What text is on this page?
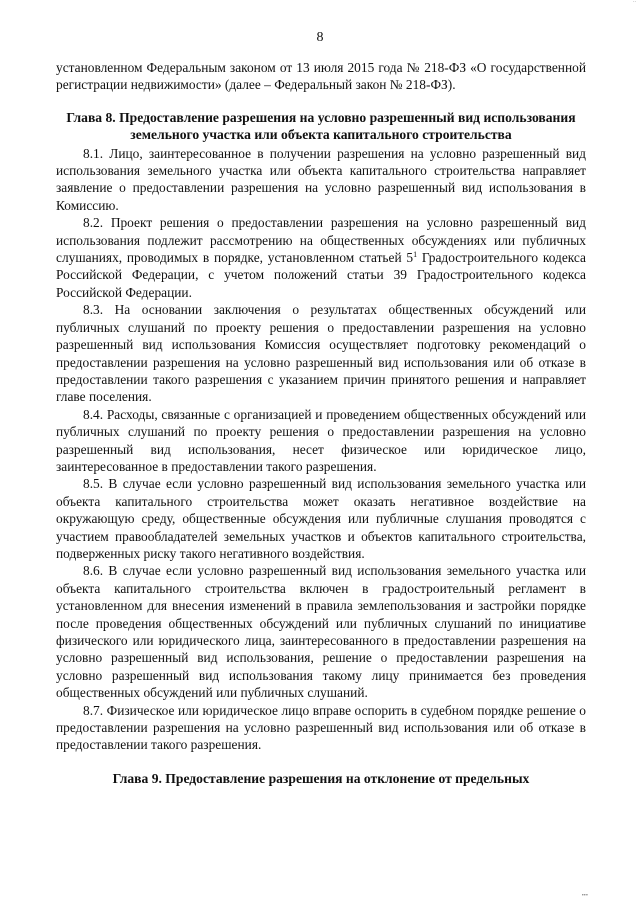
..
8

установленном Федеральным законом от 13 июля 2015 года № 218-ФЗ «О государственной регистрации недвижимости» (далее – Федеральный закон № 218-ФЗ).

Глава 8. Предоставление разрешения на условно разрешенный вид использования земельного участка или объекта капитального строительства

8.1. Лицо, заинтересованное в получении разрешения на условно разрешенный вид использования земельного участка или объекта капитального строительства направляет заявление о предоставлении разрешения на условно разрешенный вид использования в Комиссию.

8.2. Проект решения о предоставлении разрешения на условно разрешенный вид использования подлежит рассмотрению на общественных обсуждениях или публичных слушаниях, проводимых в порядке, установленном статьей $5^1$ Градостроительного кодекса Российской Федерации, с учетом положений статьи 39 Градостроительного кодекса Российской Федерации.

8.3. На основании заключения о результатах общественных обсуждений или публичных слушаний по проекту решения о предоставлении разрешения на условно разрешенный вид использования Комиссия осуществляет подготовку рекомендаций о предоставлении разрешения на условно разрешенный вид использования или об отказе в предоставлении такого разрешения с указанием причин принятого решения и направляет главе поселения.

8.4. Расходы, связанные с организацией и проведением общественных обсуждений или публичных слушаний по проекту решения о предоставлении разрешения на условно разрешенный вид использования, несет физическое или юридическое лицо, заинтересованное в предоставлении такого разрешения.

8.5. В случае если условно разрешенный вид использования земельного участка или объекта капитального строительства может оказать негативное воздействие на окружающую среду, общественные обсуждения или публичные слушания проводятся с участием правообладателей земельных участков и объектов капитального строительства, подверженных риску такого негативного воздействия.

8.6. В случае если условно разрешенный вид использования земельного участка или объекта капитального строительства включен в градостроительный регламент в установленном для внесения изменений в правила землепользования и застройки порядке после проведения общественных обсуждений или публичных слушаний по инициативе физического или юридического лица, заинтересованного в предоставлении разрешения на условно разрешенный вид использования, решение о предоставлении разрешения на условно разрешенный вид использования такому лицу принимается без проведения общественных обсуждений или публичных слушаний.

8.7. Физическое или юридическое лицо вправе оспорить в судебном порядке решение о предоставлении разрешения на условно разрешенный вид использования или об отказе в предоставлении такого разрешения.

Глава 9. Предоставление разрешения на отклонение от предельных
•••
